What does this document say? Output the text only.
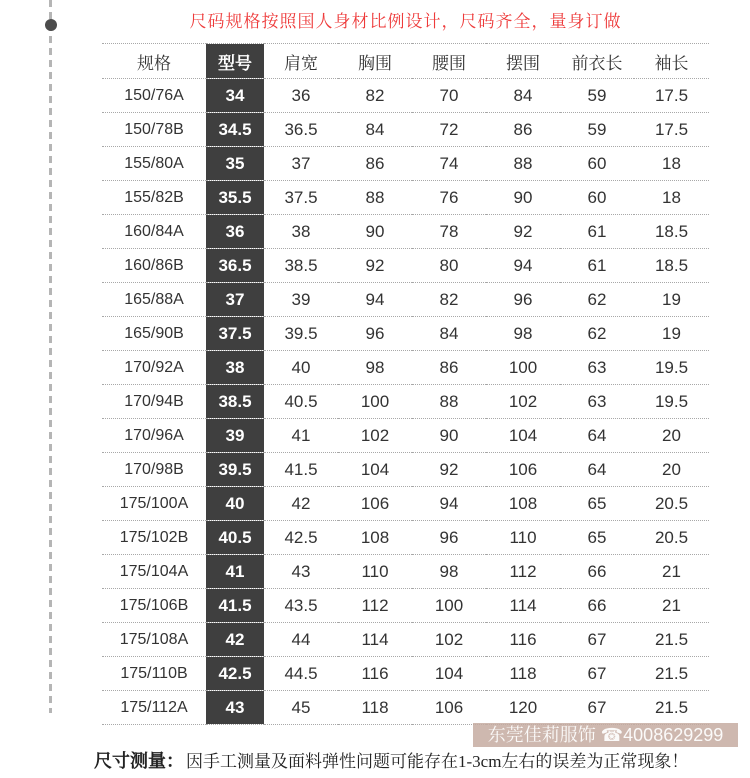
尺码规格按照国人身材比例设计，尺码齐全，量身订做
规格	型号	肩宽	胸围	腰围	摆围	前衣长	袖长
150/76A	34	36	82	70	84	59	17.5
150/78B	34.5	36.5	84	72	86	59	17.5
155/80A	35	37	86	74	88	60	18
155/82B	35.5	37.5	88	76	90	60	18
160/84A	36	38	90	78	92	61	18.5
160/86B	36.5	38.5	92	80	94	61	18.5
165/88A	37	39	94	82	96	62	19
165/90B	37.5	39.5	96	84	98	62	19
170/92A	38	40	98	86	100	63	19.5
170/94B	38.5	40.5	100	88	102	63	19.5
170/96A	39	41	102	90	104	64	20
170/98B	39.5	41.5	104	92	106	64	20
175/100A	40	42	106	94	108	65	20.5
175/102B	40.5	42.5	108	96	110	65	20.5
175/104A	41	43	110	98	112	66	21
175/106B	41.5	43.5	112	100	114	66	21
175/108A	42	44	114	102	116	67	21.5
175/110B	42.5	44.5	116	104	118	67	21.5
175/112A	43	45	118	106	120	67	21.5
东莞佳莉服饰 ☎4008629299
尺寸测量： 因手工测量及面料弹性问题可能存在1-3cm左右的误差为正常现象！
